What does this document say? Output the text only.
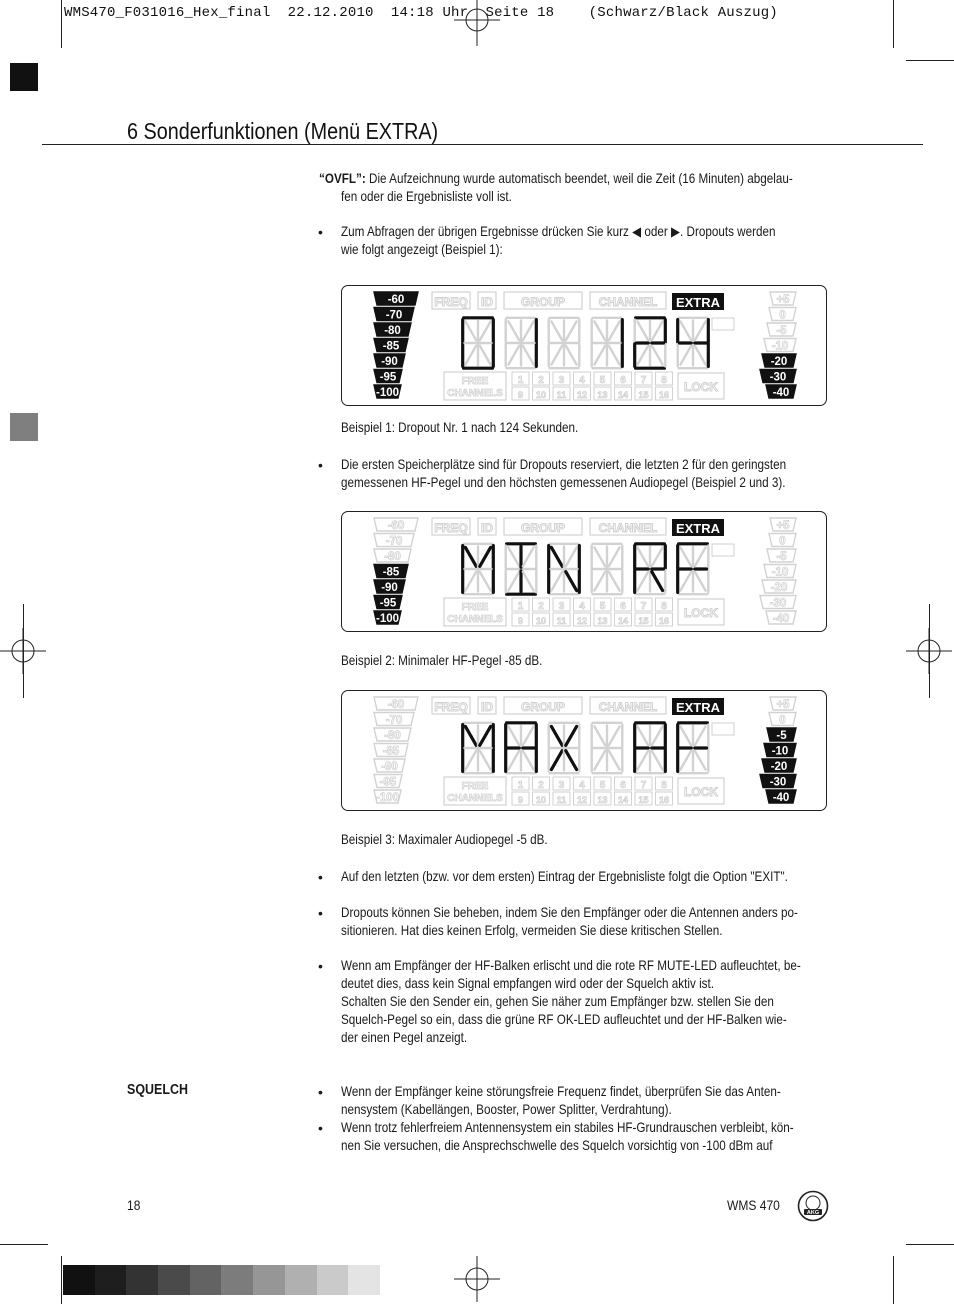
WMS470_F031016_Hex_final  22.12.2010  14:18 Uhr  Seite 18    (Schwarz/Black Auszug)
6 Sonderfunktionen (Menü EXTRA)
“OVFL”: Die Aufzeichnung wurde automatisch beendet, weil die Zeit (16 Minuten) abgelau-
fen oder die Ergebnisliste voll ist.
• Zum Abfragen der übrigen Ergebnisse drücken Sie kurz ◀ oder ▶. Dropouts werden
wie folgt angezeigt (Beispiel 1):
-60
-70
-80
-85
-90
-95
-100
+5
0
-5
-10
-20
-30
-40
FREQ ID GROUP	CHANNEL EXTRA
FREE
CHANNELS
1
9
2
10
3
11
4
12
5
13
6
14
7
15
8
16
LOCK
Beispiel 1: Dropout Nr. 1 nach 124 Sekunden.
• Die ersten Speicherplätze sind für Dropouts reserviert, die letzten 2 für den geringsten
gemessenen HF-Pegel und den höchsten gemessenen Audiopegel (Beispiel 2 und 3).
-60
-70
-80
-85
-90
-95
-100
+5
0
-5
-10
-20
-30
-40
FREQ ID GROUP	CHANNEL EXTRA
FREE
CHANNELS
1
9
2
10
3
11
4
12
5
13
6
14
7
15
8
16
LOCK
Beispiel 2: Minimaler HF-Pegel -85 dB.
-60
-70
-80
-85
-90
-95
-100
+5
0
-5
-10
-20
-30
-40
FREQ ID GROUP	CHANNEL EXTRA
FREE
CHANNELS
1
9
2
10
3
11
4
12
5
13
6
14
7
15
8
16
LOCK
Beispiel 3: Maximaler Audiopegel -5 dB.
• Auf den letzten (bzw. vor dem ersten) Eintrag der Ergebnisliste folgt die Option "EXIT".
• Dropouts können Sie beheben, indem Sie den Empfänger oder die Antennen anders po-
sitionieren. Hat dies keinen Erfolg, vermeiden Sie diese kritischen Stellen.
• Wenn am Empfänger der HF-Balken erlischt und die rote RF MUTE-LED aufleuchtet, be-
deutet dies, dass kein Signal empfangen wird oder der Squelch aktiv ist.
Schalten Sie den Sender ein, gehen Sie näher zum Empfänger bzw. stellen Sie den
Squelch-Pegel so ein, dass die grüne RF OK-LED aufleuchtet und der HF-Balken wie-
der einen Pegel anzeigt.
SQUELCH	• Wenn der Empfänger keine störungsfreie Frequenz findet, überprüfen Sie das Anten-
nensystem (Kabellängen, Booster, Power Splitter, Verdrahtung).
• Wenn trotz fehlerfreiem Antennensystem ein stabiles HF-Grundrauschen verbleibt, kön-
nen Sie versuchen, die Ansprechschwelle des Squelch vorsichtig von -100 dBm auf
18	WMS 470	AKG
